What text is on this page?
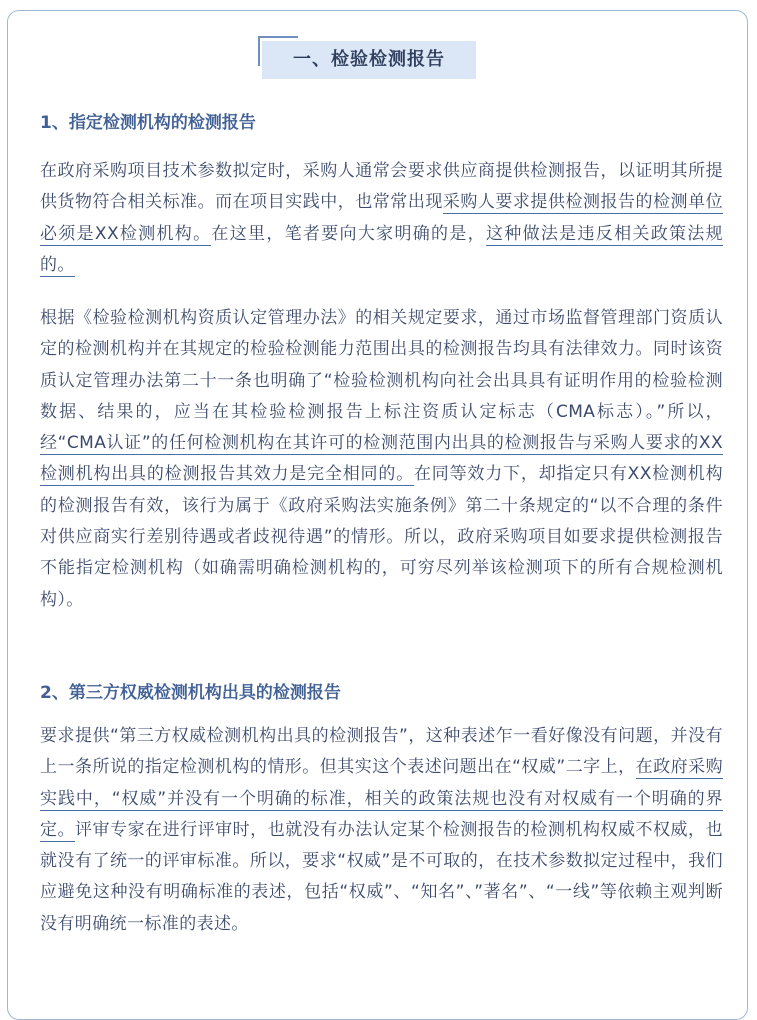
一、检验检测报告
1、指定检测机构的检测报告
在政府采购项目技术参数拟定时，采购人通常会要求供应商提供检测报告，以证明其所提供货物符合相关标准。而在项目实践中，也常常出现采购人要求提供检测报告的检测单位必须是XX检测机构。在这里，笔者要向大家明确的是，这种做法是违反相关政策法规的。
根据《检验检测机构资质认定管理办法》的相关规定要求，通过市场监督管理部门资质认定的检测机构并在其规定的检验检测能力范围出具的检测报告均具有法律效力。同时该资质认定管理办法第二十一条也明确了“检验检测机构向社会出具具有证明作用的检验检测数据、结果的，应当在其检验检测报告上标注资质认定标志（CMA标志）。”所以，经“CMA认证”的任何检测机构在其许可的检测范围内出具的检测报告与采购人要求的XX检测机构出具的检测报告其效力是完全相同的。在同等效力下，却指定只有XX检测机构的检测报告有效，该行为属于《政府采购法实施条例》第二十条规定的“以不合理的条件对供应商实行差别待遇或者歧视待遇”的情形。所以，政府采购项目如要求提供检测报告不能指定检测机构（如确需明确检测机构的，可穷尽列举该检测项下的所有合规检测机构）。
2、第三方权威检测机构出具的检测报告
要求提供“第三方权威检测机构出具的检测报告”，这种表述乍一看好像没有问题，并没有上一条所说的指定检测机构的情形。但其实这个表述问题出在“权威”二字上，在政府采购实践中，“权威”并没有一个明确的标准，相关的政策法规也没有对权威有一个明确的界定。评审专家在进行评审时，也就没有办法认定某个检测报告的检测机构权威不权威，也就没有了统一的评审标准。所以，要求“权威”是不可取的，在技术参数拟定过程中，我们应避免这种没有明确标准的表述，包括“权威”、“知名”、”著名”、“一线”等依赖主观判断没有明确统一标准的表述。
